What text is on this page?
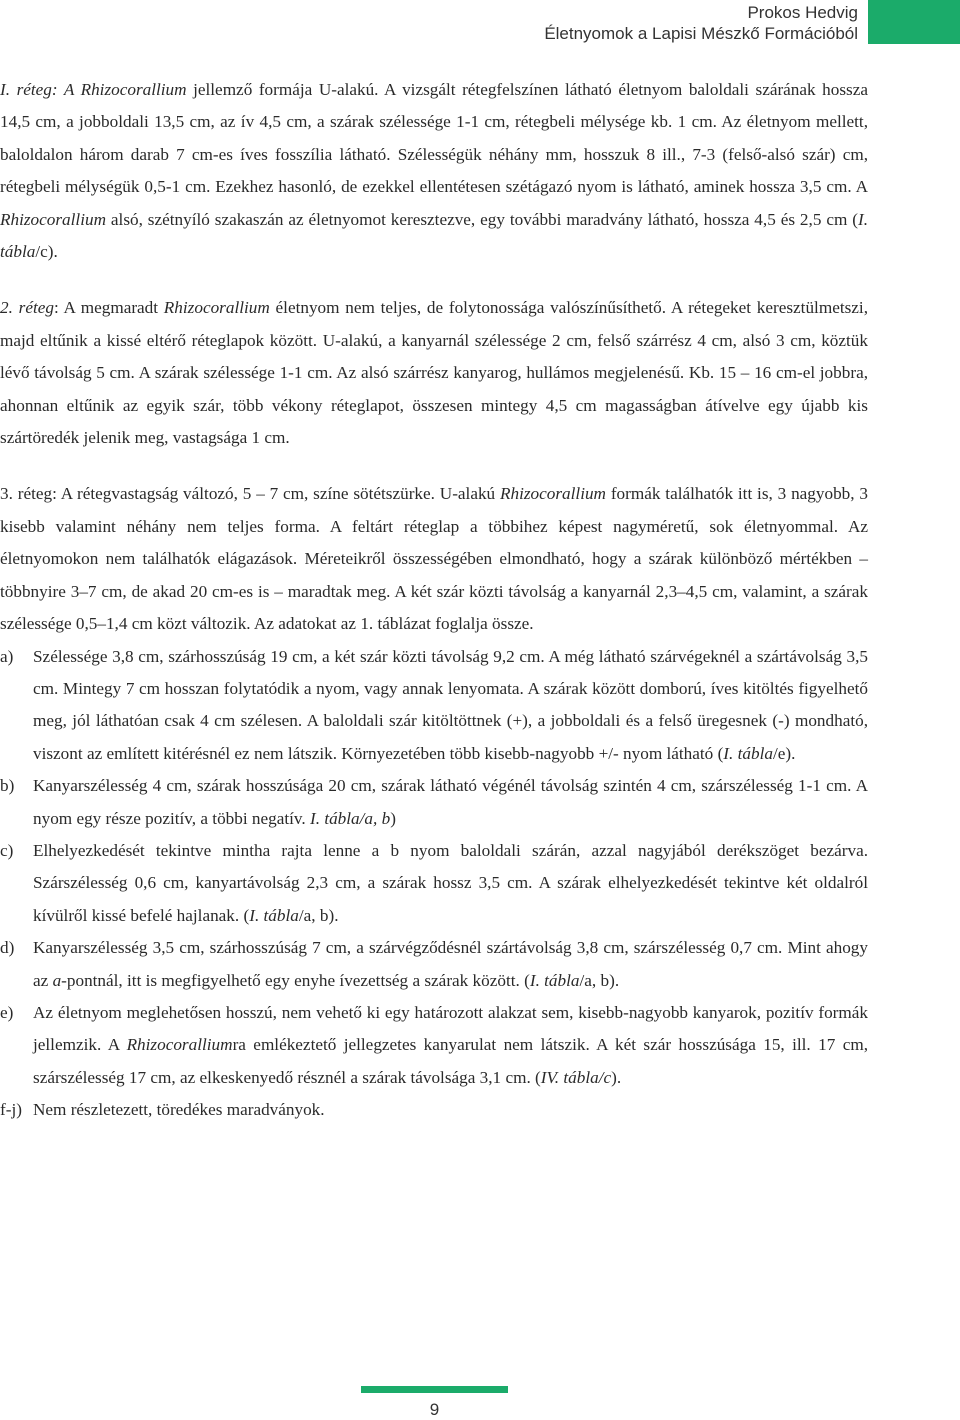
Prokos Hedvig
Életnyomok a Lapisi Mészkő Formációból

I. réteg: A Rhizocorallium jellemző formája U-alakú. A vizsgált rétegfelszínen látható életnyom baloldali szárának hossza 14,5 cm, a jobboldali 13,5 cm, az ív 4,5 cm, a szárak szélessége 1-1 cm, rétegbeli mélysége kb. 1 cm. Az életnyom mellett, baloldalon három darab 7 cm-es íves fosszília látható. Szélességük néhány mm, hosszuk 8 ill., 7-3 (felső-alsó szár) cm, rétegbeli mélységük 0,5-1 cm. Ezekhez hasonló, de ezekkel ellentétesen szétágazó nyom is látható, aminek hossza 3,5 cm. A Rhizocorallium alsó, szétnyíló szakaszán az életnyomot keresztezve, egy további maradvány látható, hossza 4,5 és 2,5 cm (I. tábla/c).

2. réteg: A megmaradt Rhizocorallium életnyom nem teljes, de folytonossága valószínűsíthető. A rétegeket keresztülmetszi, majd eltűnik a kissé eltérő réteglapok között. U-alakú, a kanyarnál szélessége 2 cm, felső szárrész 4 cm, alsó 3 cm, köztük lévő távolság 5 cm. A szárak szélessége 1-1 cm. Az alsó szárrész kanyarog, hullámos megjelenésű. Kb. 15 – 16 cm-el jobbra, ahonnan eltűnik az egyik szár, több vékony réteglapot, összesen mintegy 4,5 cm magasságban átívelve egy újabb kis szártöredék jelenik meg, vastagsága 1 cm.

3. réteg: A rétegvastagság változó, 5 – 7 cm, színe sötétszürke. U-alakú Rhizocorallium formák találhatók itt is, 3 nagyobb, 3 kisebb valamint néhány nem teljes forma. A feltárt réteglap a többihez képest nagyméretű, sok életnyommal. Az életnyomokon nem találhatók elágazások. Méreteikről összességében elmondható, hogy a szárak különböző mértékben – többnyire 3–7 cm, de akad 20 cm-es is – maradtak meg. A két szár közti távolság a kanyarnál 2,3–4,5 cm, valamint, a szárak szélessége 0,5–1,4 cm közt változik. Az adatokat az 1. táblázat foglalja össze.

a) Szélessége 3,8 cm, szárhosszúság 19 cm, a két szár közti távolság 9,2 cm. A még látható szárvégeknél a szártávolság 3,5 cm. Mintegy 7 cm hosszan folytatódik a nyom, vagy annak lenyomata. A szárak között domború, íves kitöltés figyelhető meg, jól láthatóan csak 4 cm szélesen. A baloldali szár kitöltöttnek (+), a jobboldali és a felső üregesnek (-) mondható, viszont az említett kitérésnél ez nem látszik. Környezetében több kisebb-nagyobb +/- nyom látható (I. tábla/e).
b) Kanyarszélesség 4 cm, szárak hosszúsága 20 cm, szárak látható végénél távolság szintén 4 cm, szárszélesség 1-1 cm. A nyom egy része pozitív, a többi negatív. I. tábla/a, b)
c) Elhelyezkedését tekintve mintha rajta lenne a b nyom baloldali szárán, azzal nagyjából derékszöget bezárva. Szárszélesség 0,6 cm, kanyartávolság 2,3 cm, a szárak hossz 3,5 cm. A szárak elhelyezkedését tekintve két oldalról kívülről kissé befelé hajlanak. (I. tábla/a, b).
d) Kanyarszélesség 3,5 cm, szárhosszúság 7 cm, a szárvégződésnél szártávolság 3,8 cm, szárszélesség 0,7 cm. Mint ahogy az a-pontnál, itt is megfigyelhető egy enyhe ívezettség a szárak között. (I. tábla/a, b).
e) Az életnyom meglehetősen hosszú, nem vehető ki egy határozott alakzat sem, kisebb-nagyobb kanyarok, pozitív formák jellemzik. A Rhizocoralliumra emlékeztető jellegzetes kanyarulat nem látszik. A két szár hosszúsága 15, ill. 17 cm, szárszélesség 17 cm, az elkeskenyedő résznél a szárak távolsága 3,1 cm. (IV. tábla/c).
f-j) Nem részletezett, töredékes maradványok.
9
